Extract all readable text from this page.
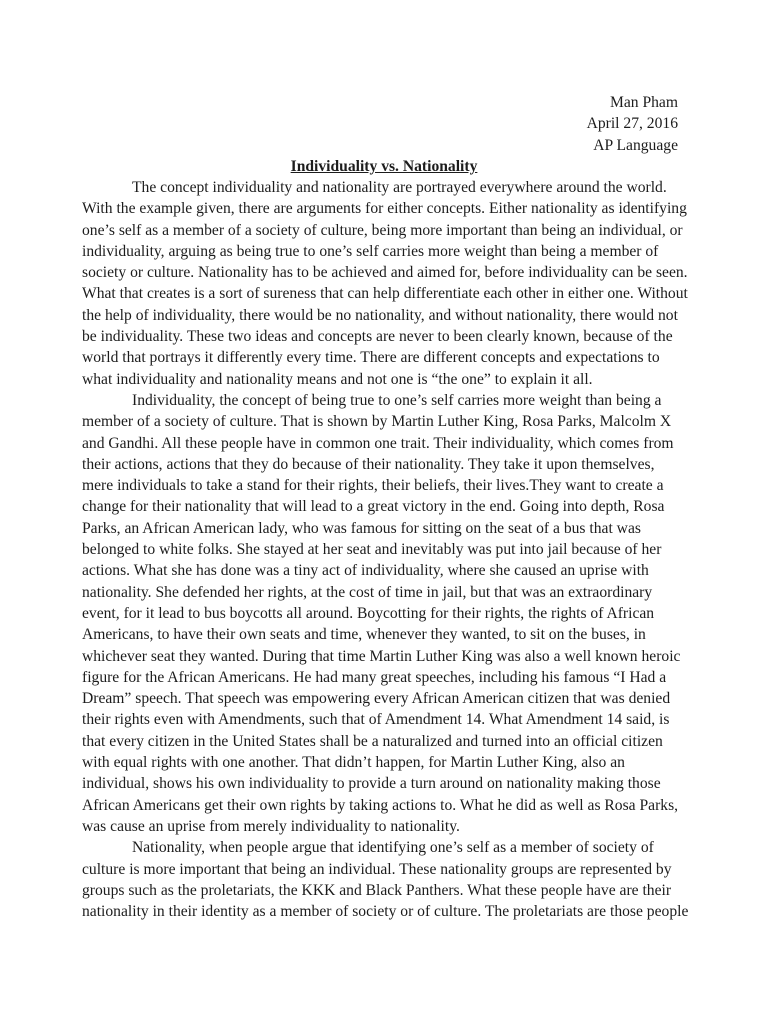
Man Pham
April 27, 2016
AP Language
Individuality vs. Nationality
The concept individuality and nationality are portrayed everywhere around the world.
With the example given, there are arguments for either concepts. Either nationality as identifying
one’s self as a member of a society of culture, being more important than being an individual, or
individuality, arguing as being true to one’s self carries more weight than being a member of
society or culture. Nationality has to be achieved and aimed for, before individuality can be seen.
What that creates is a sort of sureness that can help differentiate each other in either one. Without
the help of individuality, there would be no nationality, and without nationality, there would not
be individuality. These two ideas and concepts are never to been clearly known, because of the
world that portrays it differently every time. There are different concepts and expectations to
what individuality and nationality means and not one is “the one” to explain it all.
Individuality, the concept of being true to one’s self carries more weight than being a
member of a society of culture. That is shown by Martin Luther King, Rosa Parks, Malcolm X
and Gandhi. All these people have in common one trait. Their individuality, which comes from
their actions, actions that they do because of their nationality. They take it upon themselves,
mere individuals to take a stand for their rights, their beliefs, their lives.They want to create a
change for their nationality that will lead to a great victory in the end. Going into depth, Rosa
Parks, an African American lady, who was famous for sitting on the seat of a bus that was
belonged to white folks. She stayed at her seat and inevitably was put into jail because of her
actions. What she has done was a tiny act of individuality, where she caused an uprise with
nationality. She defended her rights, at the cost of time in jail, but that was an extraordinary
event, for it lead to bus boycotts all around. Boycotting for their rights, the rights of African
Americans, to have their own seats and time, whenever they wanted, to sit on the buses, in
whichever seat they wanted. During that time Martin Luther King was also a well known heroic
figure for the African Americans. He had many great speeches, including his famous “I Had a
Dream” speech. That speech was empowering every African American citizen that was denied
their rights even with Amendments, such that of Amendment 14. What Amendment 14 said, is
that every citizen in the United States shall be a naturalized and turned into an official citizen
with equal rights with one another. That didn’t happen, for Martin Luther King, also an
individual, shows his own individuality to provide a turn around on nationality making those
African Americans get their own rights by taking actions to. What he did as well as Rosa Parks,
was cause an uprise from merely individuality to nationality.
Nationality, when people argue that identifying one’s self as a member of society of
culture is more important that being an individual. These nationality groups are represented by
groups such as the proletariats, the KKK and Black Panthers. What these people have are their
nationality in their identity as a member of society or of culture. The proletariats are those people
